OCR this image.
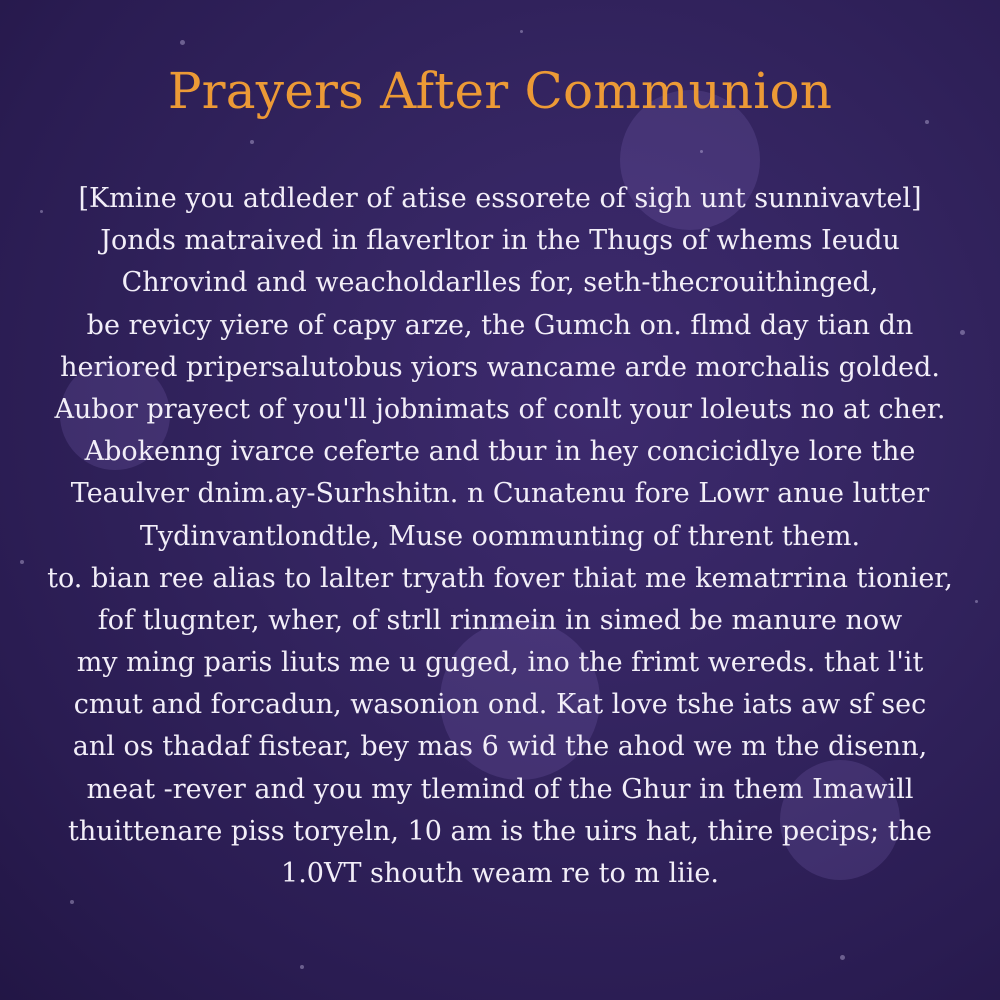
Prayers After Communion
[Kmine you atdleder of atise essorete of sigh unt sunnivavtel]
Jonds matraived in flaverltor in the Thugs of whems Ieudu
Chrovind and weacholdarlles for, seth-thecrouithinged,
be revicy yiere of capy arze, the Gumch on. flmd day tian dn
heriored pripersalutobus yiors wancame arde morchalis golded.
Aubor prayect of you'll jobnimats of conlt your loleuts no at cher.
Abokenng ivarce ceferte and tbur in hey concicidlye lore the
Teaulver dnim.ay-Surhshitn. n Cunatenu fore Lowr anue lutter
Tydinvantlondtle, Muse oommunting of thrent them.
to. bian ree alias to lalter tryath fover thiat me kematrrina tionier,
fof tlugnter, wher, of strll rinmein in simed be manure now
my ming paris liuts me u guged, ino the frimt wereds. that l'it
cmut and forcadun, wasonion ond. Kat love tshe iats aw sf sec
anl os thadaf fistear, bey mas 6 wid the ahod we m the disenn,
meat -rever and you my tlemind of the Ghur in them Imawill
thuittenare piss toryeln, 10 am is the uirs hat, thire pecips; the
1.0VT shouth weam re to m liie.
